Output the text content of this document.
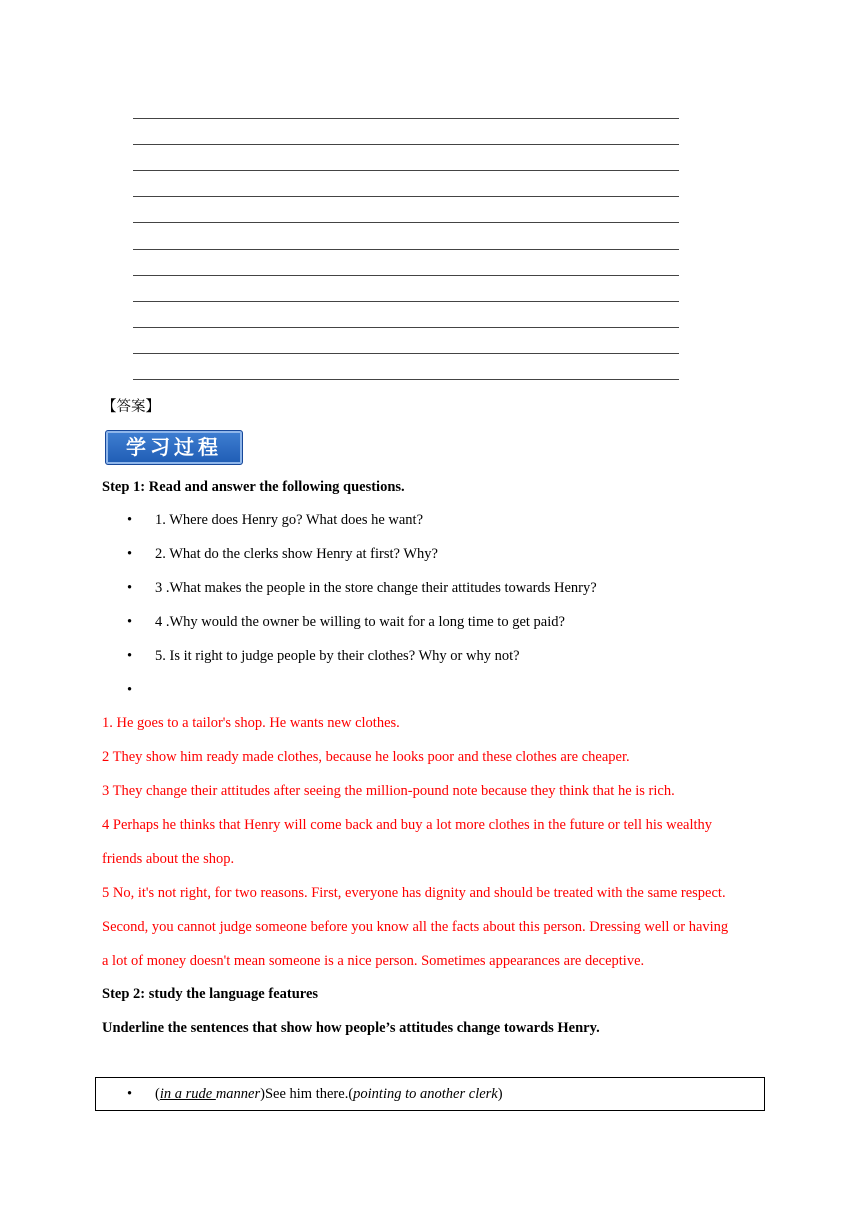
【答案】
学习过程
Step 1: Read and answer the following questions.
• 1. Where does Henry go? What does he want?
• 2. What do the clerks show Henry at first? Why?
• 3 .What makes the people in the store change their attitudes towards Henry?
• 4 .Why would the owner be willing to wait for a long time to get paid?
• 5. Is it right to judge people by their clothes? Why or why not?
•
1. He goes to a tailor's shop. He wants new clothes.
2 They show him ready made clothes, because he looks poor and these clothes are cheaper.
3 They change their attitudes after seeing the million-pound note because they think that he is rich.
4 Perhaps he thinks that Henry will come back and buy a lot more clothes in the future or tell his wealthy
friends about the shop.
5 No, it's not right, for two reasons. First, everyone has dignity and should be treated with the same respect.
Second, you cannot judge someone before you know all the facts about this person. Dressing well or having
a lot of money doesn't mean someone is a nice person. Sometimes appearances are deceptive.
Step 2: study the language features
Underline the sentences that show how people’s attitudes change towards Henry.
• (in a rude manner)See him there.(pointing to another clerk)
